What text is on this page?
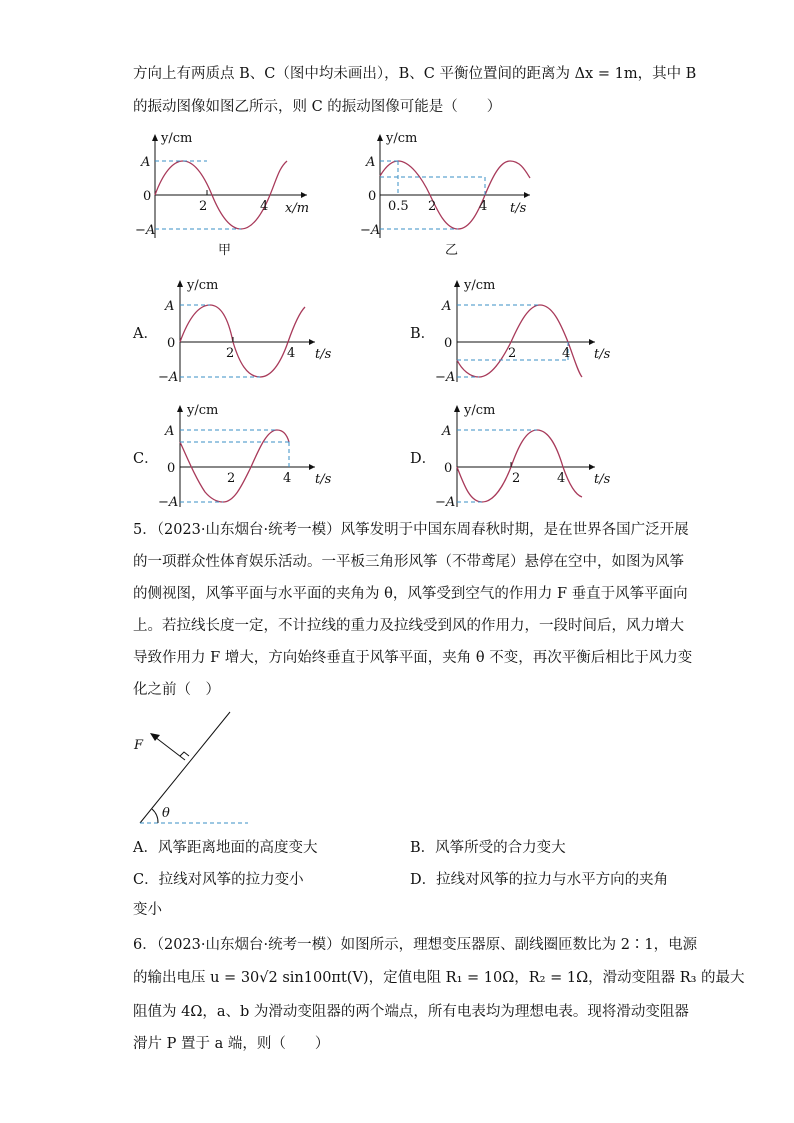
方向上有两质点 B、C（图中均未画出），B、C 平衡位置间的距离为 Δx = 1m，其中 B
的振动图像如图乙所示，则 C 的振动图像可能是（　　）
y/cm
A
0
−A
2	4 x/m
甲
y/cm
A
0
−A
0.5 2	4 t/s
乙
A．
y/cm
A
0
−A
2	4 t/s
B．
y/cm
A
0
−A
2	4 t/s
C．
y/cm
A
0
−A
2	4 t/s
D．
y/cm
A
0
−A
2	4 t/s
5．（2023·山东烟台·统考一模）风筝发明于中国东周春秋时期，是在世界各国广泛开展
的一项群众性体育娱乐活动。一平板三角形风筝（不带鸢尾）悬停在空中，如图为风筝
的侧视图，风筝平面与水平面的夹角为 θ，风筝受到空气的作用力 F 垂直于风筝平面向
上。若拉线长度一定，不计拉线的重力及拉线受到风的作用力，一段时间后，风力增大
导致作用力 F 增大，方向始终垂直于风筝平面，夹角 θ 不变，再次平衡后相比于风力变
化之前（　）
F
θ
A．风筝距离地面的高度变大	B．风筝所受的合力变大
C．拉线对风筝的拉力变小	D．拉线对风筝的拉力与水平方向的夹角
变小
6．（2023·山东烟台·统考一模）如图所示，理想变压器原、副线圈匝数比为 2∶1，电源
的输出电压 u = 30√2 sin100πt(V)，定值电阻 R₁ = 10Ω，R₂ = 1Ω，滑动变阻器 R₃ 的最大
阻值为 4Ω，a、b 为滑动变阻器的两个端点，所有电表均为理想电表。现将滑动变阻器
滑片 P 置于 a 端，则（　　）
